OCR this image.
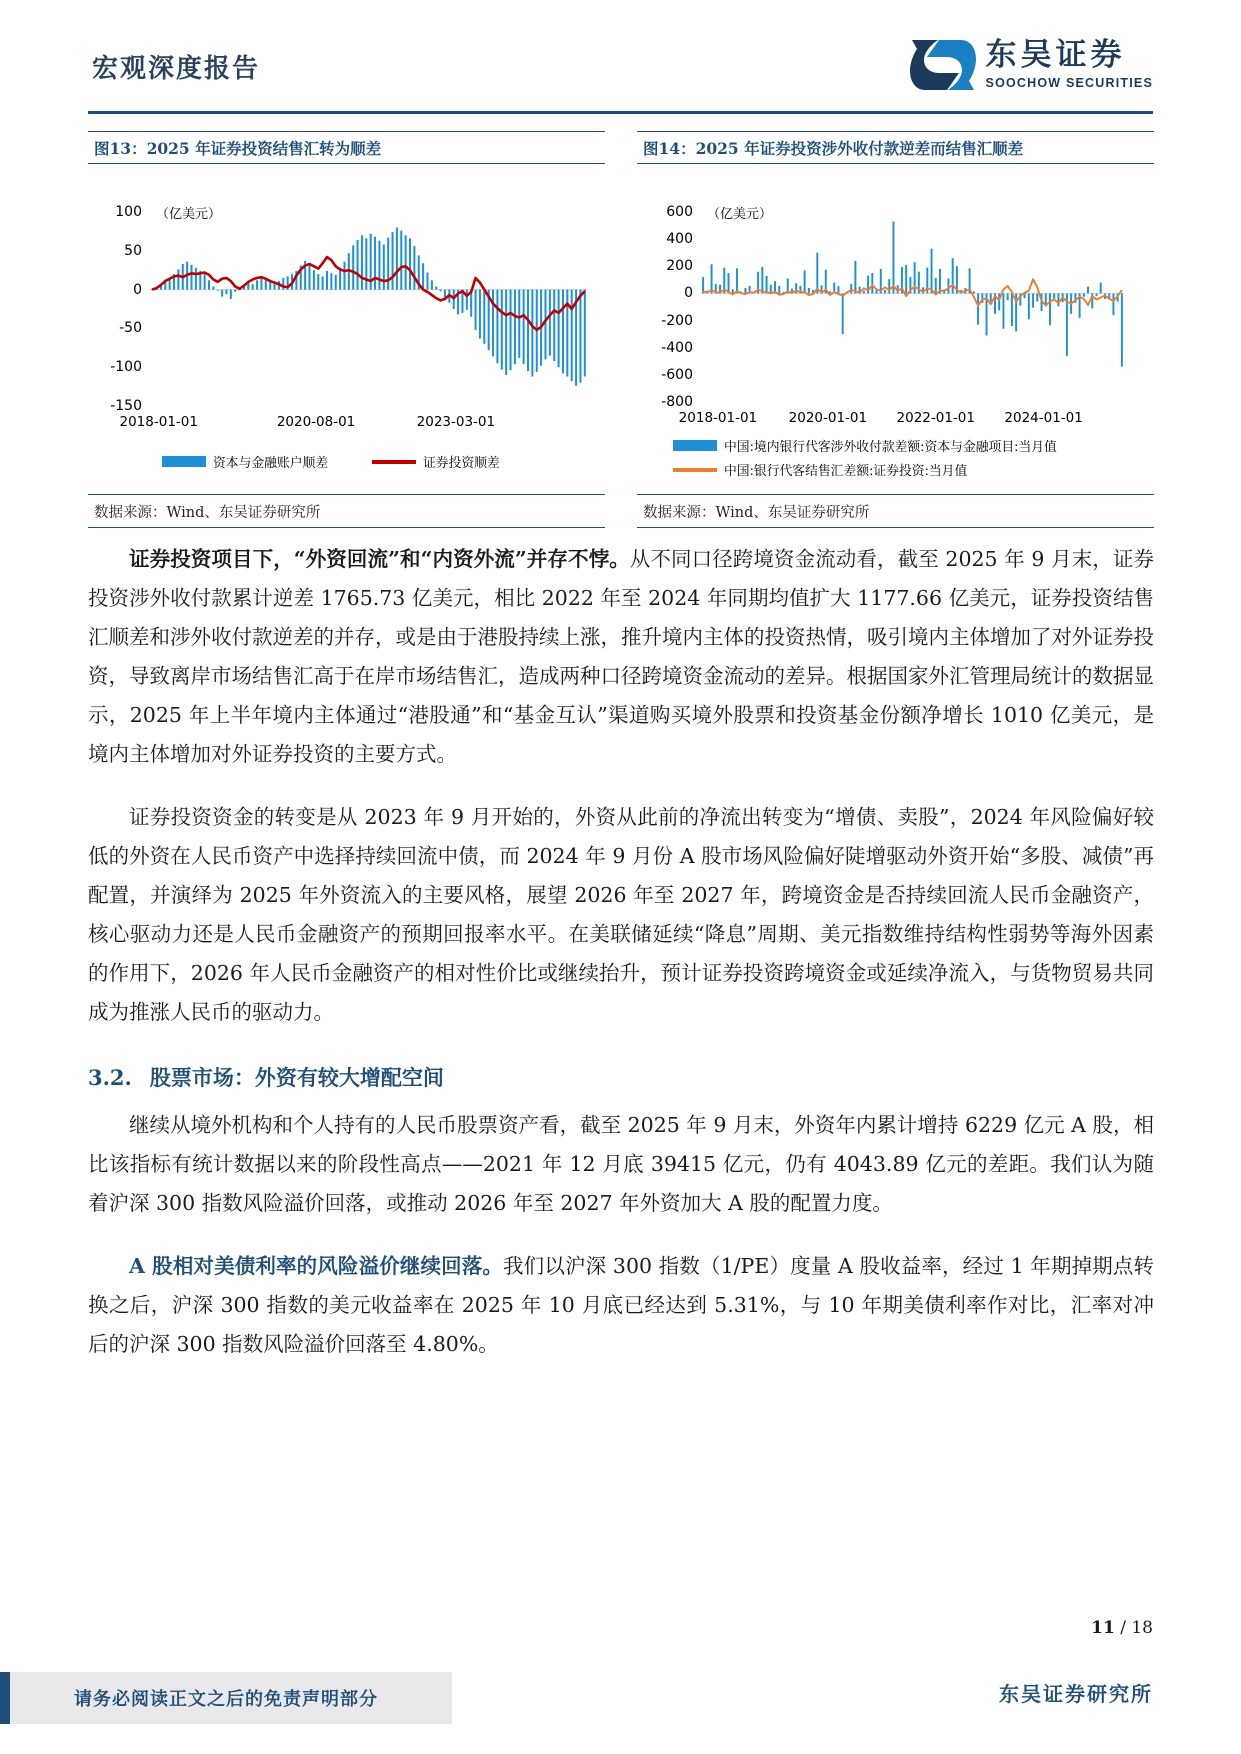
宏观深度报告	东吴证券
SOOCHOW SECURITIES
图13：2025 年证券投资结售汇转为顺差
（亿美元）
100
50
0
-50
-100
-150
2018-01-01	2020-08-01	2023-03-01
资本与金融账户顺差	证券投资顺差
数据来源：Wind、东吴证券研究所
图14：2025 年证券投资涉外收付款逆差而结售汇顺差
（亿美元）
600
400
200
0
-200
-400
-600
-800
2018-01-01 2020-01-01 2022-01-01 2024-01-01
中国:境内银行代客涉外收付款差额:资本与金融项目:当月值
中国:银行代客结售汇差额:证券投资:当月值
数据来源：Wind、东吴证券研究所

证券投资项目下，“外资回流”和“内资外流”并存不悖。从不同口径跨境资金流动看，截至 2025 年 9 月末，证券投资涉外收付款累计逆差 1765.73 亿美元，相比 2022 年至 2024 年同期均值扩大 1177.66 亿美元，证券投资结售汇顺差和涉外收付款逆差的并存，或是由于港股持续上涨，推升境内主体的投资热情，吸引境内主体增加了对外证券投资，导致离岸市场结售汇高于在岸市场结售汇，造成两种口径跨境资金流动的差异。根据国家外汇管理局统计的数据显示，2025 年上半年境内主体通过“港股通”和“基金互认”渠道购买境外股票和投资基金份额净增长 1010 亿美元，是境内主体增加对外证券投资的主要方式。

证券投资资金的转变是从 2023 年 9 月开始的，外资从此前的净流出转变为“增债、卖股”，2024 年风险偏好较低的外资在人民币资产中选择持续回流中债，而 2024 年 9 月份 A 股市场风险偏好陡增驱动外资开始“多股、减债”再配置，并演绎为 2025 年外资流入的主要风格，展望 2026 年至 2027 年，跨境资金是否持续回流人民币金融资产，核心驱动力还是人民币金融资产的预期回报率水平。在美联储延续“降息”周期、美元指数维持结构性弱势等海外因素的作用下，2026 年人民币金融资产的相对性价比或继续抬升，预计证券投资跨境资金或延续净流入，与货物贸易共同成为推涨人民币的驱动力。

3.2. 股票市场：外资有较大增配空间

继续从境外机构和个人持有的人民币股票资产看，截至 2025 年 9 月末，外资年内累计增持 6229 亿元 A 股，相比该指标有统计数据以来的阶段性高点——2021 年 12 月底 39415 亿元，仍有 4043.89 亿元的差距。我们认为随着沪深 300 指数风险溢价回落，或推动 2026 年至 2027 年外资加大 A 股的配置力度。

A 股相对美债利率的风险溢价继续回落。我们以沪深 300 指数（1/PE）度量 A 股收益率，经过 1 年期掉期点转换之后，沪深 300 指数的美元收益率在 2025 年 10 月底已经达到 5.31%，与 10 年期美债利率作对比，汇率对冲后的沪深 300 指数风险溢价回落至 4.80%。

11 / 18
请务必阅读正文之后的免责声明部分	东吴证券研究所
